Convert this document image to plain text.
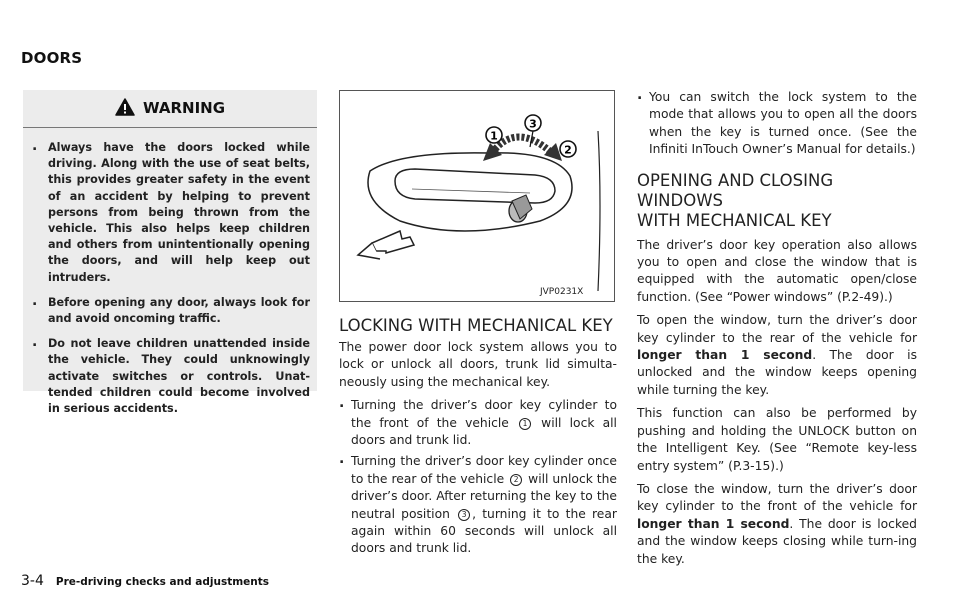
DOORS
WARNING
. Always have the doors locked while driving. Along with the use of seat belts, this provides greater safety in the event of an accident by helping to prevent persons from being thrown from the vehicle. This also helps keep children and others from unintentionally opening the doors, and will help keep out intruders.
. Before opening any door, always look for and avoid oncoming traffic.
. Do not leave children unattended inside the vehicle. They could unknowingly activate switches or controls. Unat-tended children could become involved in serious accidents.
1
2
3
JVP0231X
LOCKING WITH MECHANICAL KEY

The power door lock system allows you to lock or unlock all doors, trunk lid simulta-neously using the mechanical key.

. Turning the driver’s door key cylinder to the front of the vehicle 1 will lock all doors and trunk lid.
. Turning the driver’s door key cylinder once to the rear of the vehicle 2 will unlock the driver’s door. After returning the key to the neutral position 3 , turning it to the rear again within 60 seconds will unlock all doors and trunk lid.
. You can switch the lock system to the mode that allows you to open all the doors when the key is turned once. (See the Infiniti InTouch Owner’s Manual for details.)
OPENING AND CLOSING WINDOWS
WITH MECHANICAL KEY

The driver’s door key operation also allows you to open and close the window that is equipped with the automatic open/close function. (See “Power windows” (P.2-49).)

To open the window, turn the driver’s door key cylinder to the rear of the vehicle for longer than 1 second. The door is unlocked and the window keeps opening while turning the key.

This function can also be performed by pushing and holding the UNLOCK button on the Intelligent Key. (See “Remote key-less entry system” (P.3-15).)

To close the window, turn the driver’s door key cylinder to the front of the vehicle for longer than 1 second. The door is locked and the window keeps closing while turn-ing the key.

3-4 Pre-driving checks and adjustments
